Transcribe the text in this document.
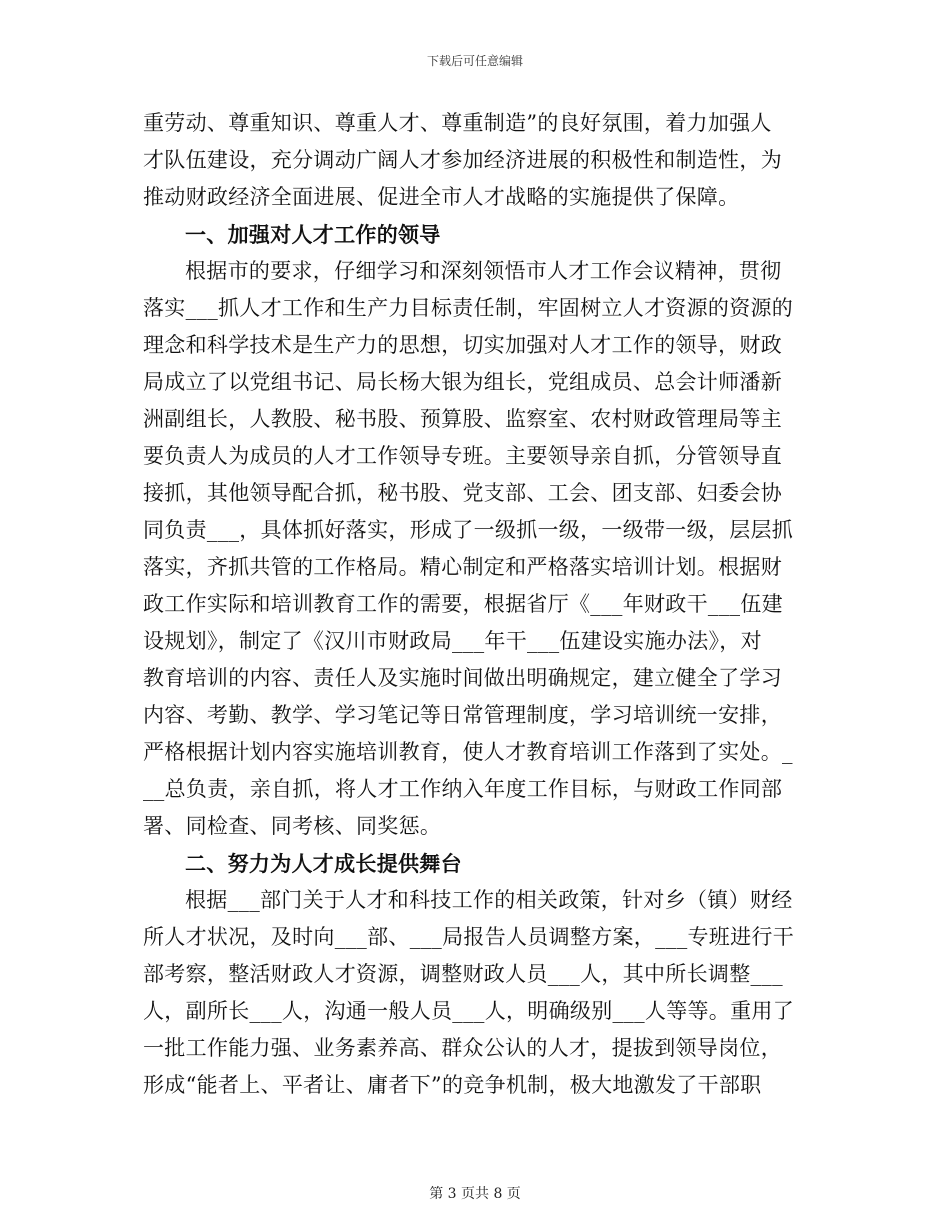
下载后可任意编辑
重劳动、尊重知识、尊重人才、尊重制造”的良好氛围，着力加强人
才队伍建设，充分调动广阔人才参加经济进展的积极性和制造性，为
推动财政经济全面进展、促进全市人才战略的实施提供了保障。
一、加强对人才工作的领导
根据市的要求，仔细学习和深刻领悟市人才工作会议精神，贯彻
落实___抓人才工作和生产力目标责任制，牢固树立人才资源的资源的
理念和科学技术是生产力的思想，切实加强对人才工作的领导，财政
局成立了以党组书记、局长杨大银为组长，党组成员、总会计师潘新
洲副组长，人教股、秘书股、预算股、监察室、农村财政管理局等主
要负责人为成员的人才工作领导专班。主要领导亲自抓，分管领导直
接抓，其他领导配合抓，秘书股、党支部、工会、团支部、妇委会协
同负责___，具体抓好落实，形成了一级抓一级，一级带一级，层层抓
落实，齐抓共管的工作格局。精心制定和严格落实培训计划。根据财
政工作实际和培训教育工作的需要，根据省厅《___年财政干___伍建
设规划》，制定了《汉川市财政局___年干___伍建设实施办法》，对
教育培训的内容、责任人及实施时间做出明确规定，建立健全了学习
内容、考勤、教学、学习笔记等日常管理制度，学习培训统一安排，
严格根据计划内容实施培训教育，使人才教育培训工作落到了实处。_
__总负责，亲自抓，将人才工作纳入年度工作目标，与财政工作同部
署、同检查、同考核、同奖惩。
二、努力为人才成长提供舞台
根据___部门关于人才和科技工作的相关政策，针对乡（镇）财经
所人才状况，及时向___部、___局报告人员调整方案，___专班进行干
部考察，整活财政人才资源，调整财政人员___人，其中所长调整___
人，副所长___人，沟通一般人员___人，明确级别___人等等。重用了
一批工作能力强、业务素养高、群众公认的人才，提拔到领导岗位，
形成“能者上、平者让、庸者下”的竞争机制，极大地激发了干部职
第 3 页共 8 页
